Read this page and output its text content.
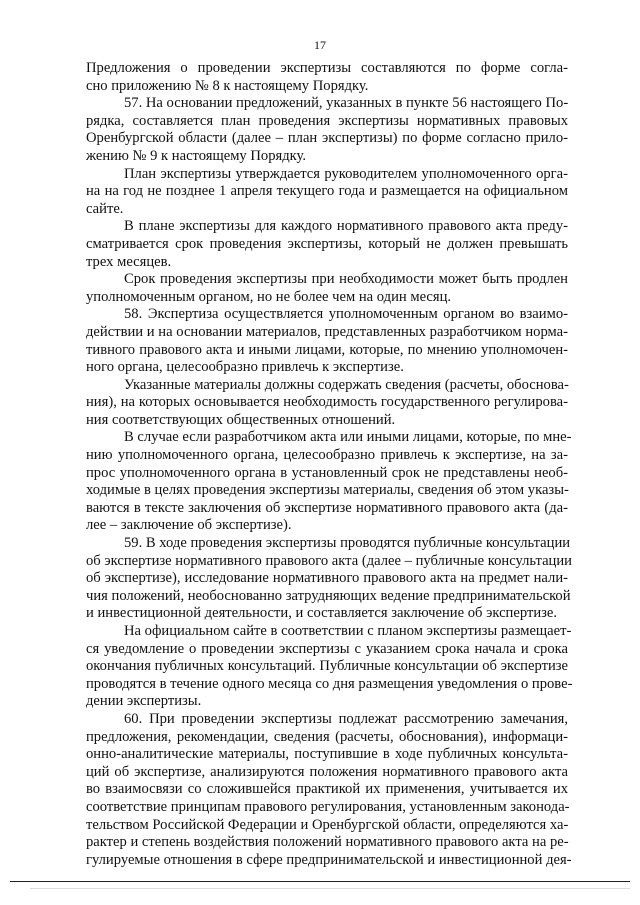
17

Предложения о проведении экспертизы составляются по форме согла-
сно приложению № 8 к настоящему Порядку.

57. На основании предложений, указанных в пункте 56 настоящего По-
рядка, составляется план проведения экспертизы нормативных правовых
Оренбургской области (далее – план экспертизы) по форме согласно прило-
жению № 9 к настоящему Порядку.

План экспертизы утверждается руководителем уполномоченного орга-
на на год не позднее 1 апреля текущего года и размещается на официальном
сайте.

В плане экспертизы для каждого нормативного правового акта преду-
сматривается срок проведения экспертизы, который не должен превышать
трех месяцев.

Срок проведения экспертизы при необходимости может быть продлен
уполномоченным органом, но не более чем на один месяц.

58. Экспертиза осуществляется уполномоченным органом во взаимо-
действии и на основании материалов, представленных разработчиком норма-
тивного правового акта и иными лицами, которые, по мнению уполномочен-
ного органа, целесообразно привлечь к экспертизе.

Указанные материалы должны содержать сведения (расчеты, обоснова-
ния), на которых основывается необходимость государственного регулирова-
ния соответствующих общественных отношений.

В случае если разработчиком акта или иными лицами, которые, по мне-
нию уполномоченного органа, целесообразно привлечь к экспертизе, на за-
прос уполномоченного органа в установленный срок не представлены необ-
ходимые в целях проведения экспертизы материалы, сведения об этом указы-
ваются в тексте заключения об экспертизе нормативного правового акта (да-
лее – заключение об экспертизе).

59. В ходе проведения экспертизы проводятся публичные консультации
об экспертизе нормативного правового акта (далее – публичные консультации
об экспертизе), исследование нормативного правового акта на предмет нали-
чия положений, необоснованно затрудняющих ведение предпринимательской
и инвестиционной деятельности, и составляется заключение об экспертизе.

На официальном сайте в соответствии с планом экспертизы размещает-
ся уведомление о проведении экспертизы с указанием срока начала и срока
окончания публичных консультаций. Публичные консультации об экспертизе
проводятся в течение одного месяца со дня размещения уведомления о прове-
дении экспертизы.

60. При проведении экспертизы подлежат рассмотрению замечания,
предложения, рекомендации, сведения (расчеты, обоснования), информаци-
онно-аналитические материалы, поступившие в ходе публичных консульта-
ций об экспертизе, анализируются положения нормативного правового акта
во взаимосвязи со сложившейся практикой их применения, учитывается их
соответствие принципам правового регулирования, установленным законода-
тельством Российской Федерации и Оренбургской области, определяются ха-
рактер и степень воздействия положений нормативного правового акта на ре-
гулируемые отношения в сфере предпринимательской и инвестиционной дея-
